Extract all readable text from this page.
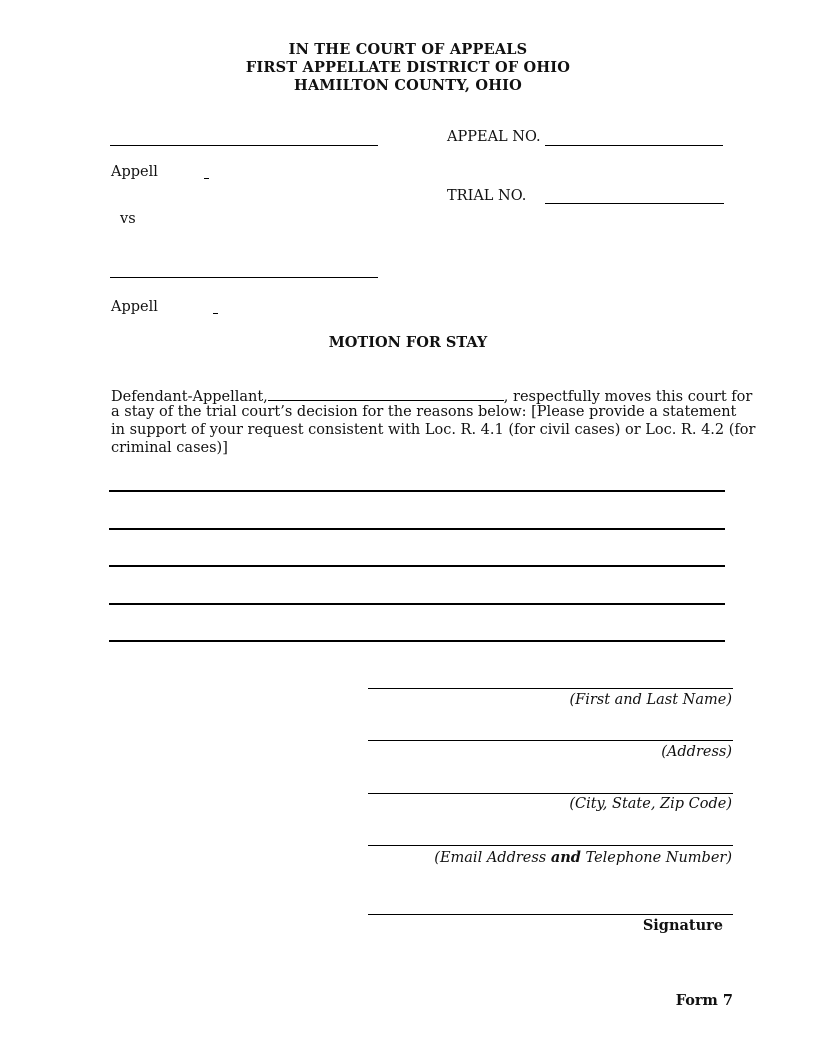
IN THE COURT OF APPEALS
FIRST APPELLATE DISTRICT OF OHIO
HAMILTON COUNTY, OHIO
Appell
vs
Appell
APPEAL NO.
TRIAL NO.
MOTION FOR STAY
Defendant-Appellant,	, respectfully moves this court for
a stay of the trial court’s decision for the reasons below: [Please provide a statement
in support of your request consistent with Loc. R. 4.1 (for civil cases) or Loc. R. 4.2 (for
criminal cases)]
(First and Last Name)
(Address)
(City, State, Zip Code)
(Email Address and Telephone Number)
Signature
Form 7
